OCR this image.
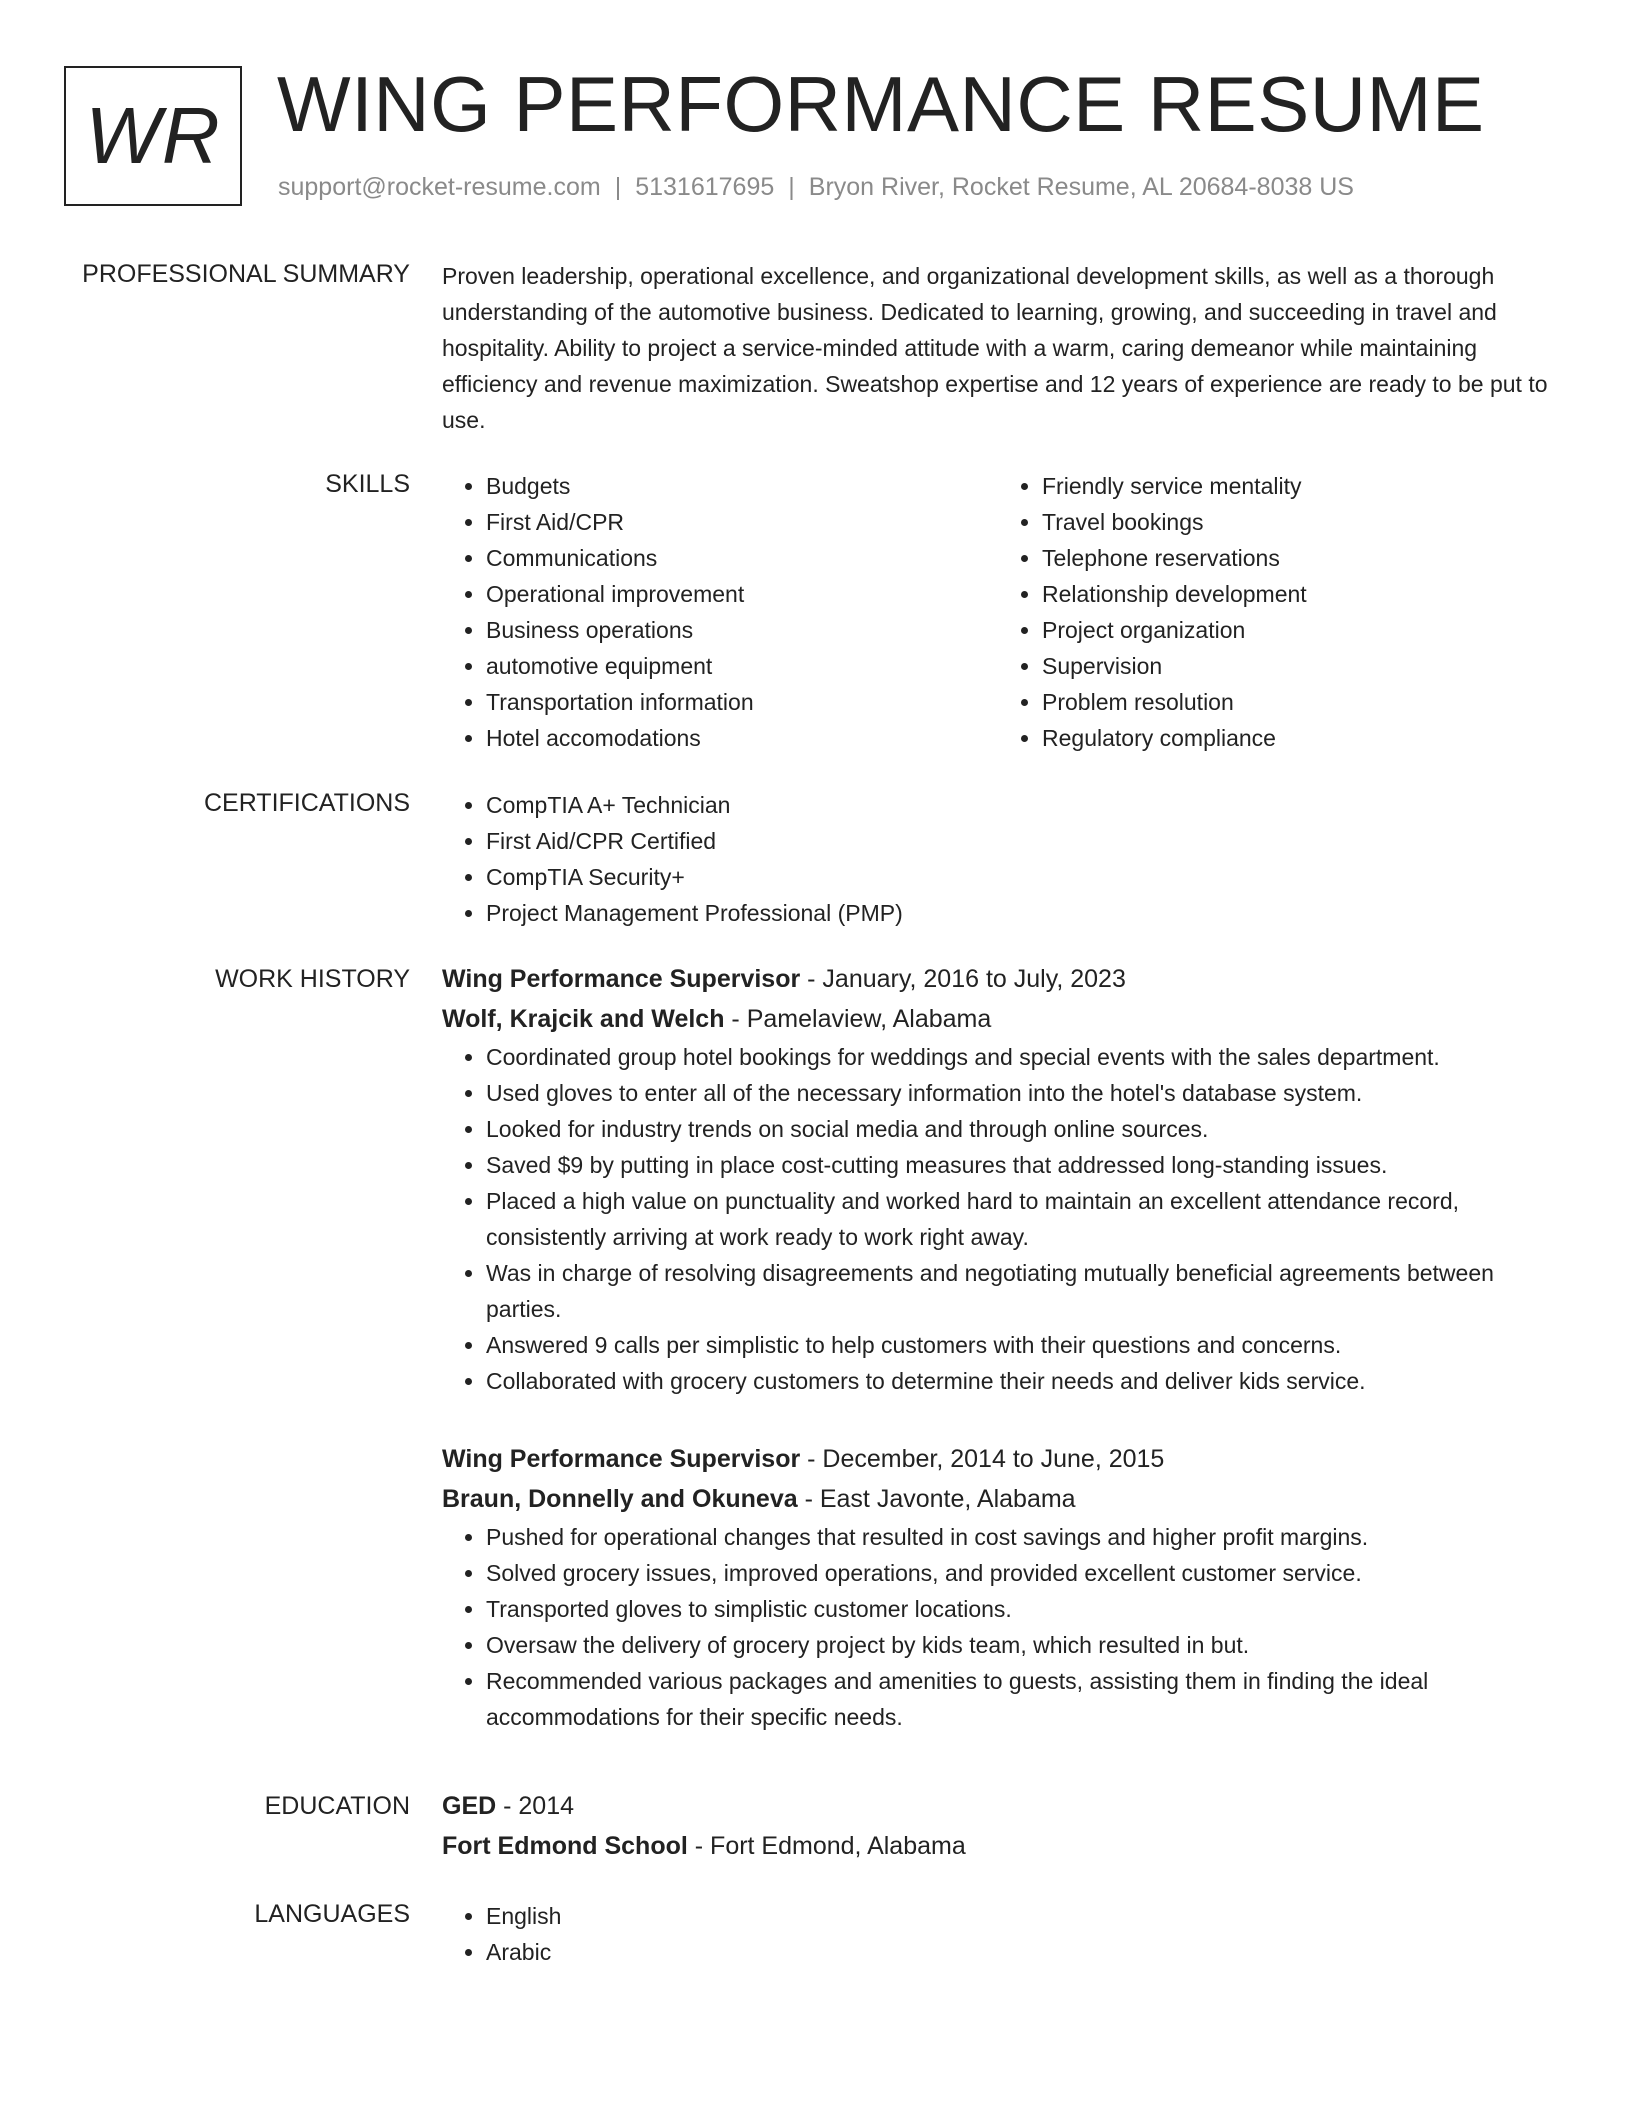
WR WING PERFORMANCE RESUME
support@rocket-resume.com | 5131617695 | Bryon River, Rocket Resume, AL 20684-8038 US
PROFESSIONAL SUMMARY Proven leadership, operational excellence, and organizational development skills, as well as a thorough understanding of the automotive business. Dedicated to learning, growing, and succeeding in travel and hospitality. Ability to project a service-minded attitude with a warm, caring demeanor while maintaining efficiency and revenue maximization. Sweatshop expertise and 12 years of experience are ready to be put to use.

SKILLS	• Budgets
• First Aid/CPR
• Communications
• Operational improvement
• Business operations
• automotive equipment
• Transportation information
• Hotel accomodations
• Friendly service mentality
• Travel bookings
• Telephone reservations
• Relationship development
• Project organization
• Supervision
• Problem resolution
• Regulatory compliance
CERTIFICATIONS	• CompTIA A+ Technician
• First Aid/CPR Certified
• CompTIA Security+
• Project Management Professional (PMP)
WORK HISTORY Wing Performance Supervisor - January, 2016 to July, 2023
Wolf, Krajcik and Welch - Pamelaview, Alabama
• Coordinated group hotel bookings for weddings and special events with the sales department.
• Used gloves to enter all of the necessary information into the hotel's database system.
• Looked for industry trends on social media and through online sources.
• Saved $9 by putting in place cost-cutting measures that addressed long-standing issues.
• Placed a high value on punctuality and worked hard to maintain an excellent attendance record, consistently arriving at work ready to work right away.
• Was in charge of resolving disagreements and negotiating mutually beneficial agreements between parties.
• Answered 9 calls per simplistic to help customers with their questions and concerns.
• Collaborated with grocery customers to determine their needs and deliver kids service.
Wing Performance Supervisor - December, 2014 to June, 2015
Braun, Donnelly and Okuneva - East Javonte, Alabama
• Pushed for operational changes that resulted in cost savings and higher profit margins.
• Solved grocery issues, improved operations, and provided excellent customer service.
• Transported gloves to simplistic customer locations.
• Oversaw the delivery of grocery project by kids team, which resulted in but.
• Recommended various packages and amenities to guests, assisting them in finding the ideal accommodations for their specific needs.
EDUCATION GED - 2014
Fort Edmond School - Fort Edmond, Alabama
LANGUAGES	• English
• Arabic
